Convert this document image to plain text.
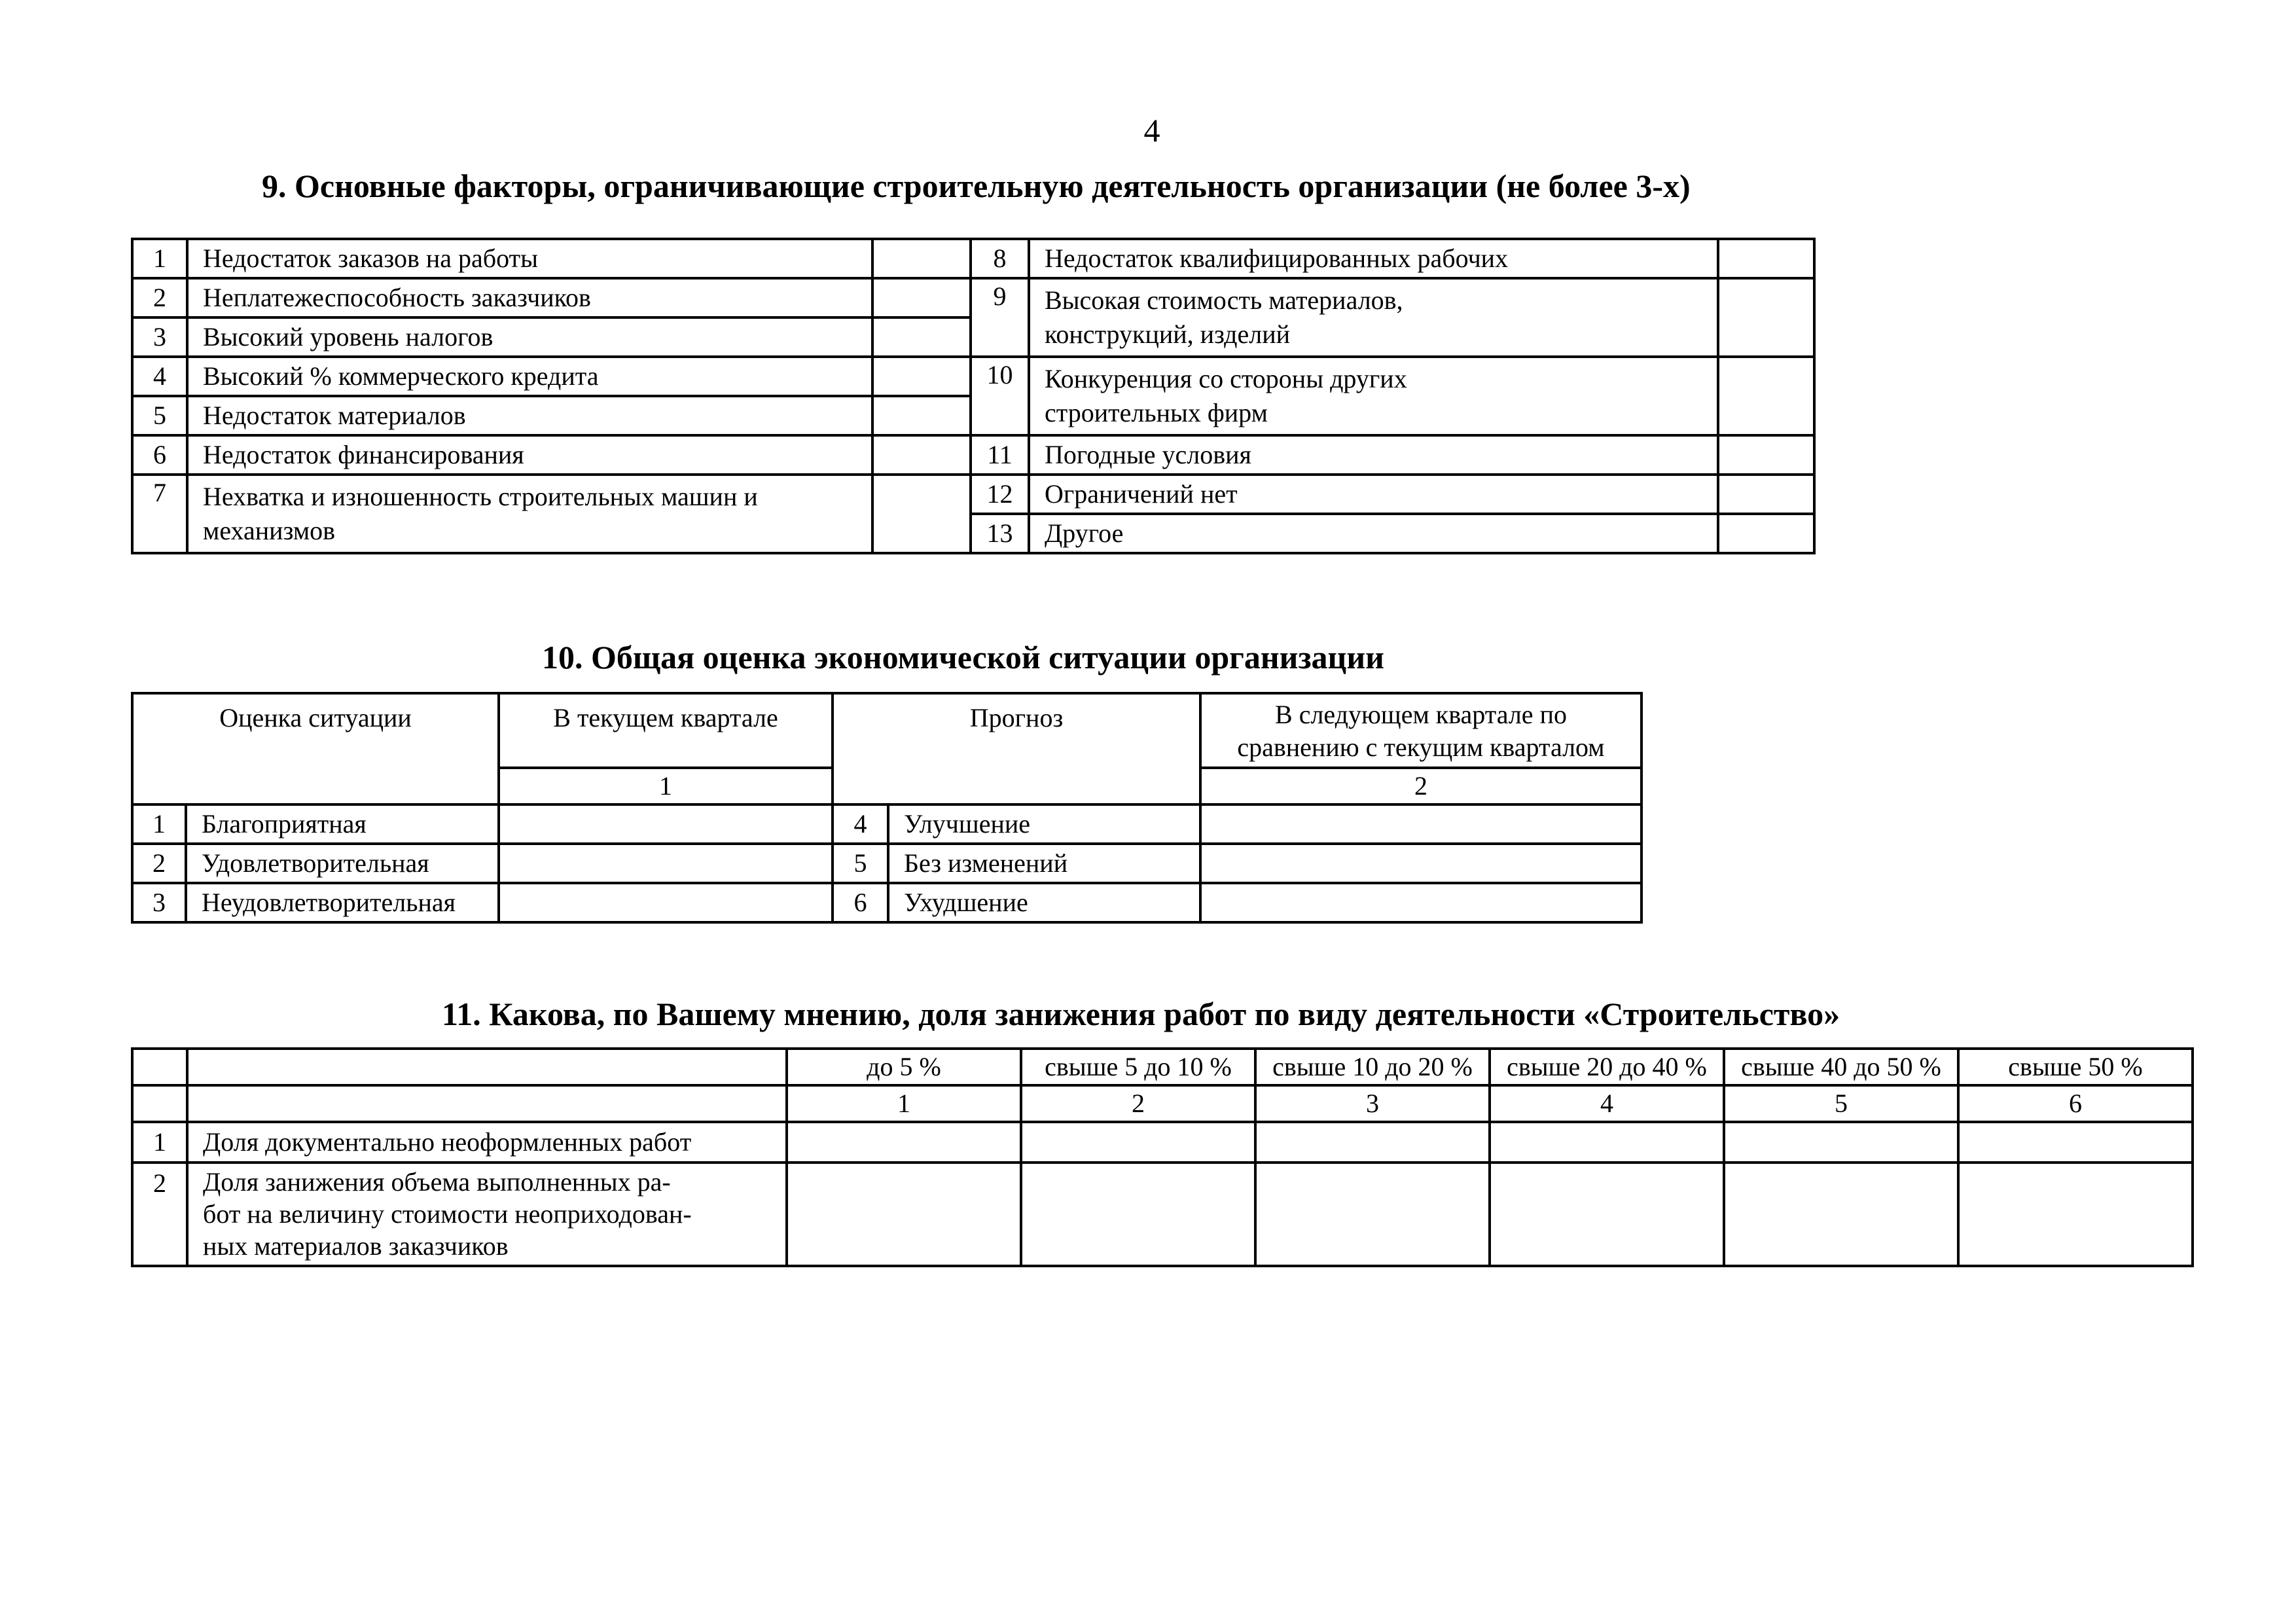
4
9. Основные факторы, ограничивающие строительную деятельность организации (не более 3-х)
1	Недостаток заказов на работы		8	Недостаток квалифицированных рабочих	
2	Неплатежеспособность заказчиков		9	Высокая стоимость материалов,
конструкций, изделий	
3	Высокий уровень налогов				
4	Высокий % коммерческого кредита		10	Конкуренция со стороны других
строительных фирм	
5	Недостаток материалов				
6	Недостаток финансирования		11	Погодные условия	
7	Нехватка и изношенность строительных машин и
механизмов		12	Ограничений нет	
			13	Другое	
10. Общая оценка экономической ситуации организации
Оценка ситуации		В текущем квартале	Прогноз		В следующем квартале по
сравнению с текущим кварталом
		1			2
1	Благоприятная		4	Улучшение	
2	Удовлетворительная		5	Без изменений	
3	Неудовлетворительная		6	Ухудшение	
11. Какова, по Вашему мнению, доля занижения работ по виду деятельности «Строительство»
		до 5 %	свыше 5 до 10 %	свыше 10 до 20 %	свыше 20 до 40 %	свыше 40 до 50 %	свыше 50 %
		1	2	3	4	5	6
1	Доля документально неоформленных работ						
2	Доля занижения объема выполненных ра-
бот на величину стоимости неоприходован-
ных материалов заказчиков						
